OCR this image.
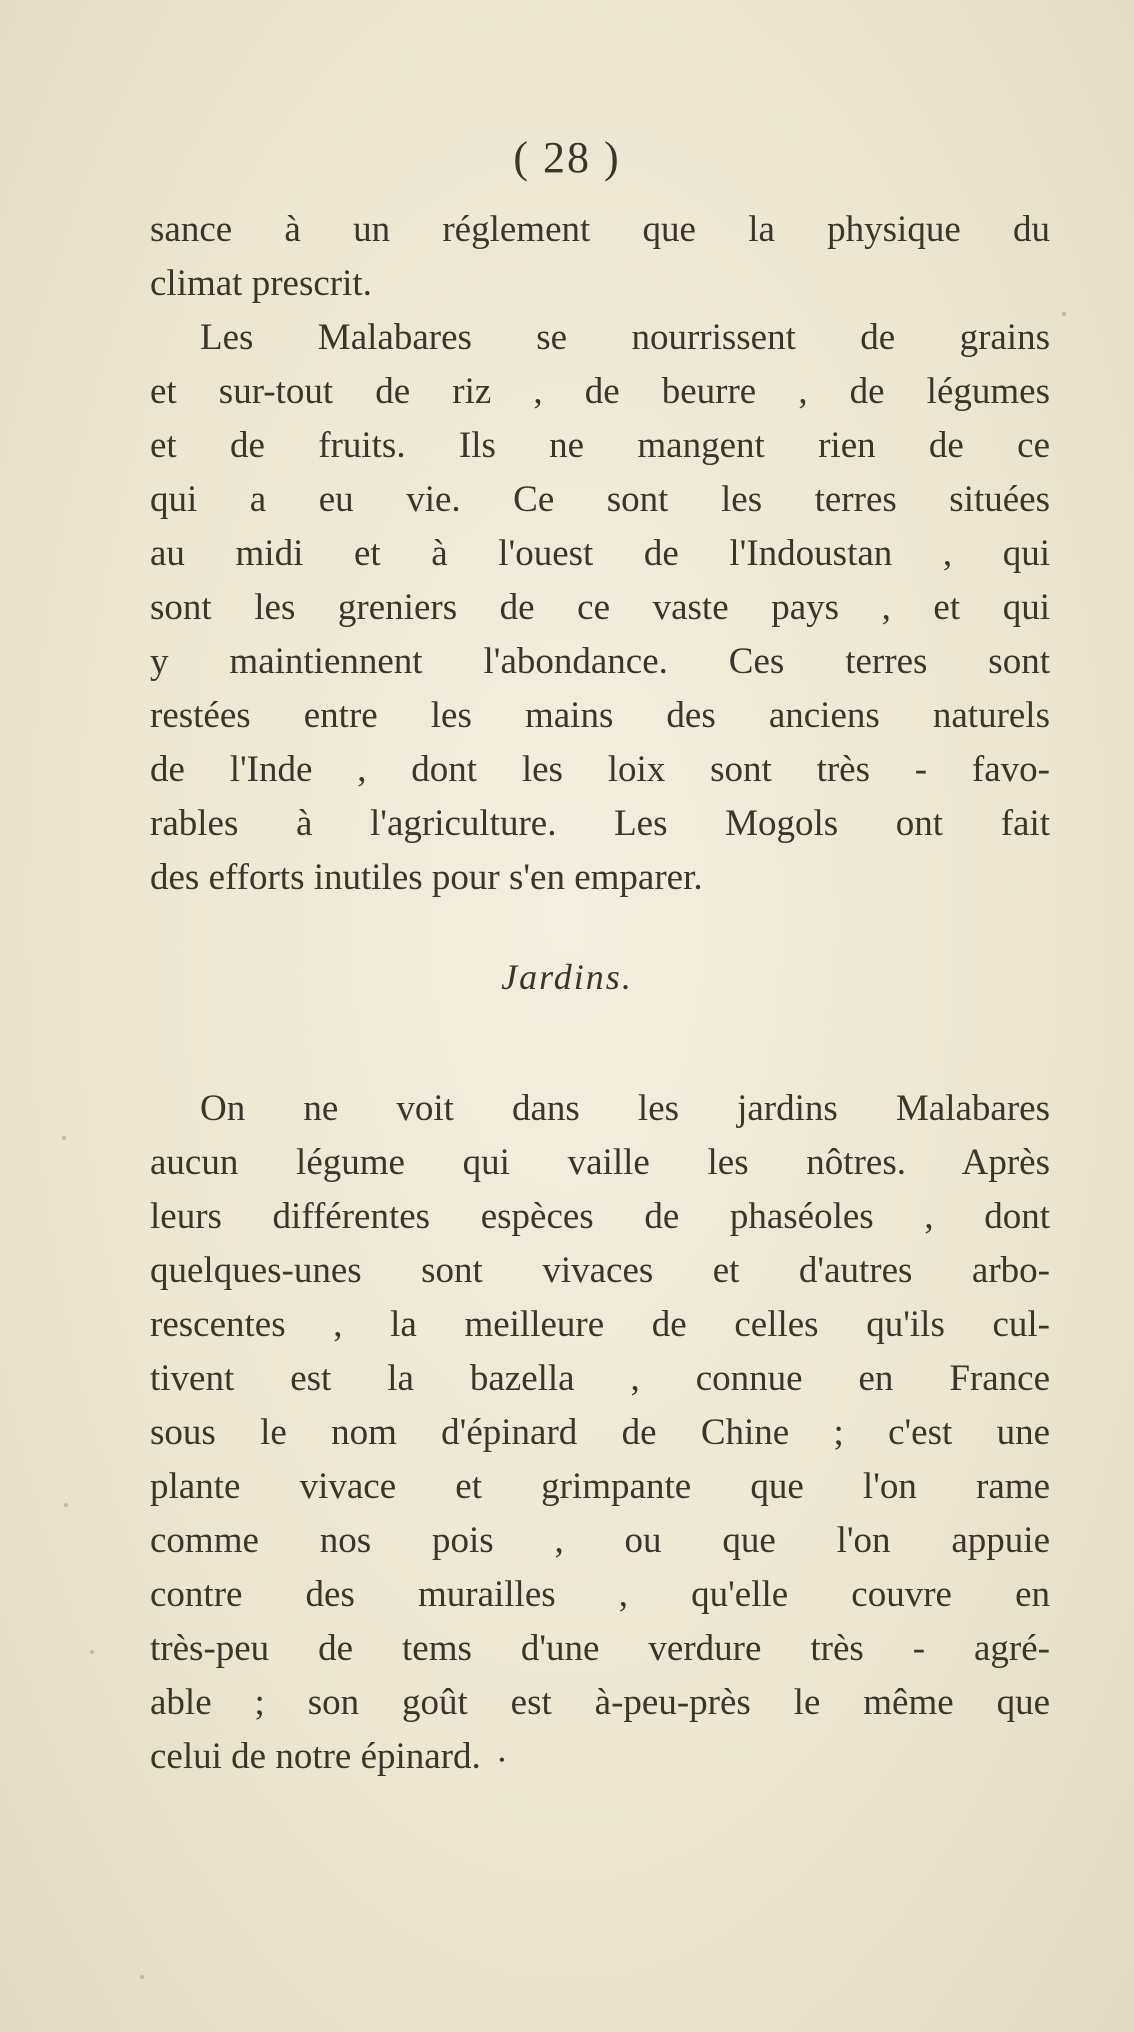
( 28 )
sance à un réglement que la physique du
climat prescrit.
Les Malabares se nourrissent de grains
et sur-tout de riz , de beurre , de légumes
et de fruits. Ils ne mangent rien de ce
qui a eu vie. Ce sont les terres situées
au midi et à l'ouest de l'Indoustan , qui
sont les greniers de ce vaste pays , et qui
y maintiennent l'abondance. Ces terres sont
restées entre les mains des anciens naturels
de l'Inde , dont les loix sont très - favo-
rables à l'agriculture. Les Mogols ont fait
des efforts inutiles pour s'en emparer.
Jardins.
On ne voit dans les jardins Malabares
aucun légume qui vaille les nôtres. Après
leurs différentes espèces de phaséoles , dont
quelques-unes sont vivaces et d'autres arbo-
rescentes , la meilleure de celles qu'ils cul-
tivent est la bazella , connue en France
sous le nom d'épinard de Chine ; c'est une
plante vivace et grimpante que l'on rame
comme nos pois , ou que l'on appuie
contre des murailles , qu'elle couvre en
très-peu de tems d'une verdure très - agré-
able ; son goût est à-peu-près le même que
celui de notre épinard. •
